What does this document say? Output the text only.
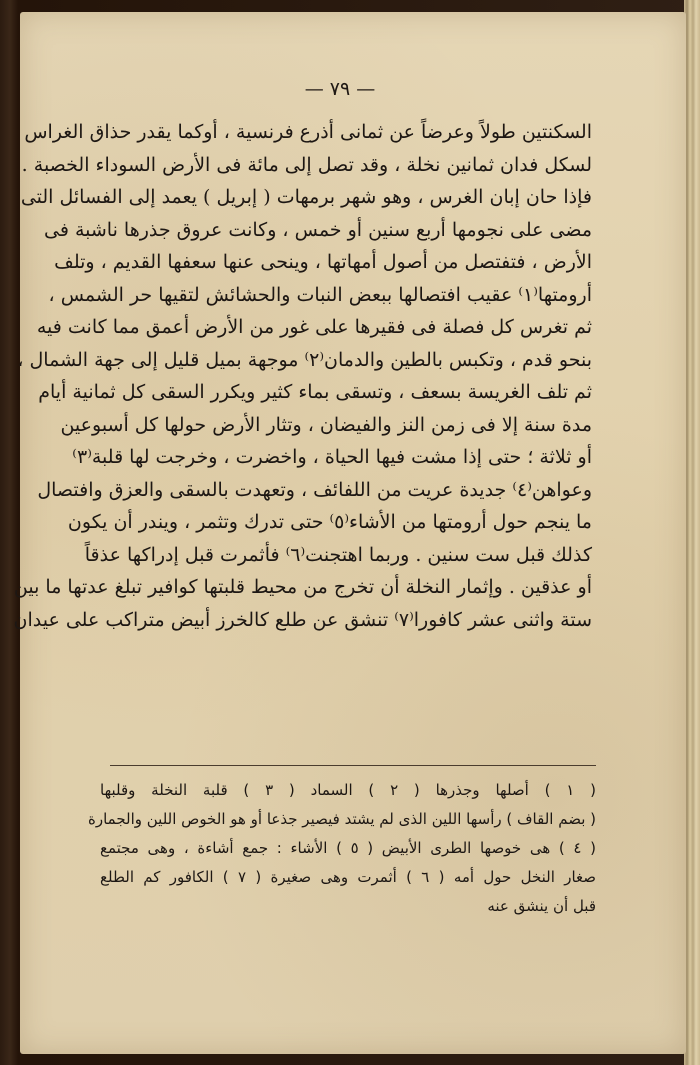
— ٧٩ —
السكنتين طولاً وعرضاً عن ثمانى أذرع فرنسية ، أوكما يقدر حذاق الغراس
لسكل فدان ثمانين نخلة ، وقد تصل إلى مائة فى الأرض السوداء الخصبة .
فإذا حان إبان الغرس ، وهو شهر برمهات ( إبريل ) يعمد إلى الفسائل التى
مضى على نجومها أربع سنين أو خمس ، وكانت عروق جذرها ناشبة فى
الأرض ، فتفتصل من أصول أمهاتها ، وينحى عنها سعفها القديم ، وتلف
أرومتها⁽١⁾ عقيب افتصالها ببعض النبات والحشائش لتقيها حر الشمس ،
ثم تغرس كل فصلة فى فقيرها على غور من الأرض أعمق مما كانت فيه
بنحو قدم ، وتكبس بالطين والدمان⁽٢⁾ موجهة بميل قليل إلى جهة الشمال ،
ثم تلف الغريسة بسعف ، وتسقى بماء كثير ويكرر السقى كل ثمانية أيام
مدة سنة إلا فى زمن النز والفيضان ، وتثار الأرض حولها كل أسبوعين
أو ثلاثة ؛ حتى إذا مشت فيها الحياة ، واخضرت ، وخرجت لها قلبة⁽٣⁾
وعواهن⁽٤⁾ جديدة عريت من اللفائف ، وتعهدت بالسقى والعزق وافتصال
ما ينجم حول أرومتها من الأشاء⁽٥⁾ حتى تدرك وتثمر ، ويندر أن يكون
كذلك قبل ست سنين . وربما اهتجنت⁽٦⁾ فأثمرت قبل إدراكها عذقاً
أو عذقين . وإثمار النخلة أن تخرج من محيط قلبتها كوافير تبلغ عدتها ما بين
ستة واثنى عشر كافورا⁽٧⁾ تنشق عن طلع كالخرز أبيض متراكب على عيدان
( ١ ) أصلها وجذرها ( ٢ ) السماد ( ٣ ) قلبة النخلة وقلبها
( بضم القاف ) رأسها اللين الذى لم يشتد فيصير جذعا أو هو الخوص اللين والجمارة
( ٤ ) هى خوصها الطرى الأبيض ( ٥ ) الأشاء : جمع أشاءة ، وهى مجتمع
صغار النخل حول أمه ( ٦ ) أثمرت وهى صغيرة ( ٧ ) الكافور كم الطلع
قبل أن ينشق عنه
